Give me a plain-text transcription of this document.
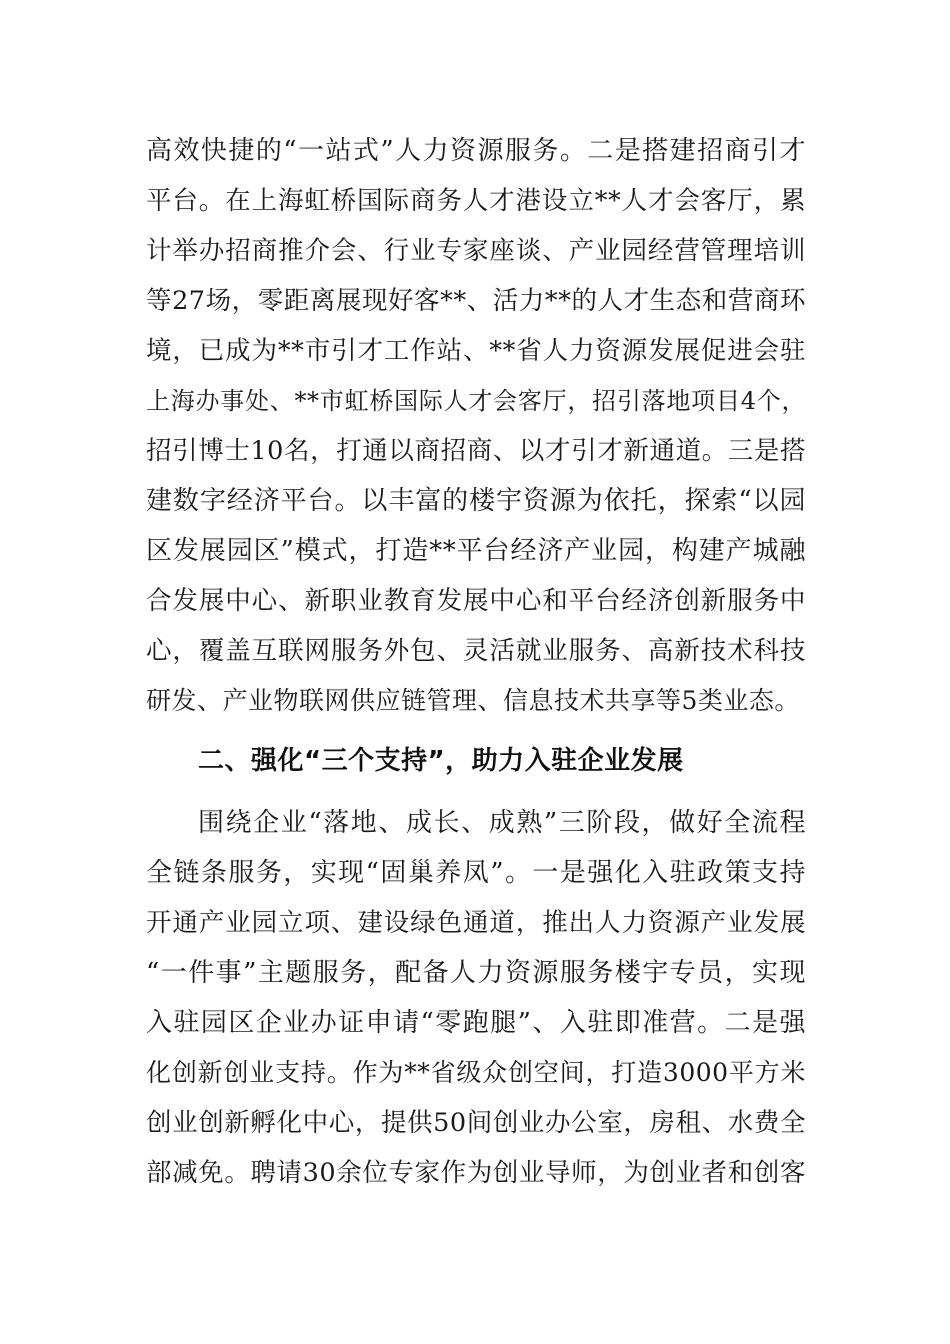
高效快捷的“一站式”人力资源服务。二是搭建招商引才
平台。在上海虹桥国际商务人才港设立**人才会客厅，累
计举办招商推介会、行业专家座谈、产业园经营管理培训
等27场，零距离展现好客**、活力**的人才生态和营商环
境，已成为**市引才工作站、**省人力资源发展促进会驻
上海办事处、**市虹桥国际人才会客厅，招引落地项目4个，
招引博士10名，打通以商招商、以才引才新通道。三是搭
建数字经济平台。以丰富的楼宇资源为依托，探索“以园
区发展园区”模式，打造**平台经济产业园，构建产城融
合发展中心、新职业教育发展中心和平台经济创新服务中
心，覆盖互联网服务外包、灵活就业服务、高新技术科技
研发、产业物联网供应链管理、信息技术共享等5类业态。
二、强化“三个支持”，助力入驻企业发展
围绕企业“落地、成长、成熟”三阶段，做好全流程
全链条服务，实现“固巢养凤”。一是强化入驻政策支持
开通产业园立项、建设绿色通道，推出人力资源产业发展
“一件事”主题服务，配备人力资源服务楼宇专员，实现
入驻园区企业办证申请“零跑腿”、入驻即准营。二是强
化创新创业支持。作为**省级众创空间，打造3000平方米
创业创新孵化中心，提供50间创业办公室，房租、水费全
部减免。聘请30余位专家作为创业导师，为创业者和创客
